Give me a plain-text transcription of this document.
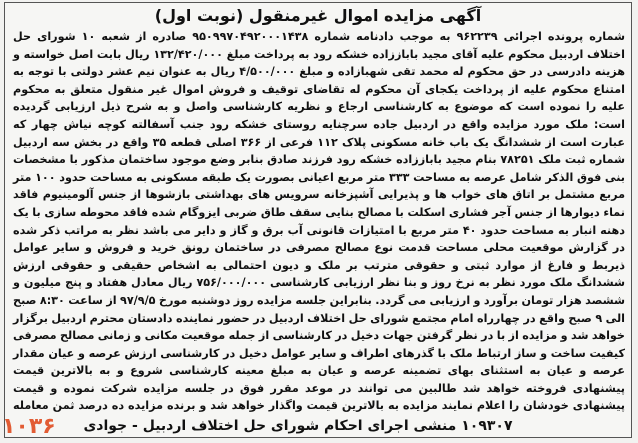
آگهی مزایده اموال غیرمنقول (نوبت اول)

شماره پرونده اجرائی ۹۶۲۲۳۹ به موجب دادنامه شماره ۹۵۰۹۹۷۰۴۹۲۰۰۰۱۴۳۸ صادره از شعبه ۱۰ شورای حل اختلاف اردبیل محکوم علیه آقای مجید باباززاده خشکه رود به پرداخت مبلغ ۱۳۲/۴۲۰/۰۰۰ ریال بابت اصل خواسته و هزینه دادرسی در حق محکوم له محمد تقی شهبازاده و مبلغ ۴/۵۰۰/۰۰۰ ریال به عنوان نیم عشر دولتی با توجه به امتناع محکوم علیه از پرداخت یکجای آن محکوم له تقاضای توقیف و فروش اموال غیر منقول متعلق به محکوم علیه را نموده است که موضوع به کارشناسی ارجاع و نظریه کارشناسی واصل و به شرح ذیل ارزیابی گردیده است: ملک مورد مزایده واقع در اردبیل جاده سرچنایه روستای خشکه رود جنب آسفالته کوچه نیاش چهار که عبارت است از ششدانگ یک باب خانه مسکونی پلاک ۱۱۲ فرعی از ۳۶۶ اصلی قطعه ۳۵ واقع در بخش سه اردبیل شماره ثبت ملک ۷۸۲۵۱ بنام مجید باباززاده خشکه رود فرزند صادق بنابر وضع موجود ساختمان مذکور با مشخصات بنی فوق الذکر شامل عرصه به مساحت ۳۳۳ متر مربع اعیانی بصورت یک طبقه مسکونی به مساحت حدود ۱۰۰ متر مربع مشتمل بر اتاق های خواب ها و پذیرایی آشپزخانه سرویس های بهداشتی بازشوها از جنس آلومینیوم فاقد نماء دیوارها از جنس آجر فشاری اسکلت با مصالح بنایی سقف طاق ضربی ایزوگام شده فاقد محوطه سازی با یک دهنه انبار به مساحت حدود ۴۰ متر مربع با امتیازات قانونی آب برق و گاز و دایر می باشد نظر به مراتب ذکر شده در گزارش موقعیت محلی مساحت قدمت نوع مصالح مصرفی در ساختمان رونق خرید و فروش و سایر عوامل ذیربط و فارغ از موارد ثبتی و حقوقی مترتب بر ملک و دیون احتمالی به اشخاص حقیقی و حقوقی ارزش ششدانگ ملک مورد نظر به نرخ روز و بنا نظر ارزیابی کارشناسی ۷۵۶/۰۰۰/۰۰۰ ریال معادل هفتاد و پنج میلیون و ششصد هزار تومان برآورد و ارزیابی می گردد. بنابراین جلسه مزایده روز دوشنبه مورخ ۹۷/۹/۵ از ساعت ۸:۳۰ صبح الی ۹ صبح واقع در چهارراه امام مجتمع شورای حل اختلاف اردبیل در حضور نماینده دادستان محترم اردبیل برگزار خواهد شد و مزایده از با در نظر گرفتن جهات دخیل در کارشناسی از جمله موقعیت مکانی و زمانی مصالح مصرفی کیفیت ساخت و ساز ارتباط ملک با گذرهای اطراف و سایر عوامل دخیل در کارشناسی ارزش عرصه و عیان مقدار عرصه و عیان به استثنای بهای تضمینه عرصه و عیان به مبلغ معینه کارشناسی شروع و به بالاترین قیمت پیشنهادی فروخته خواهد شد طالبین می توانند در موعد مقرر فوق در جلسه مزایده شرکت نموده و قیمت پیشنهادی خودشان را اعلام نمایند مزایده به بالاترین قیمت واگذار خواهد شد و برنده مزایده ده درصد ثمن معامله

۱۰۹۳۰۷ منشی اجرای احکام شورای حل اختلاف اردبیل - جوادی

۱۰۳۶
